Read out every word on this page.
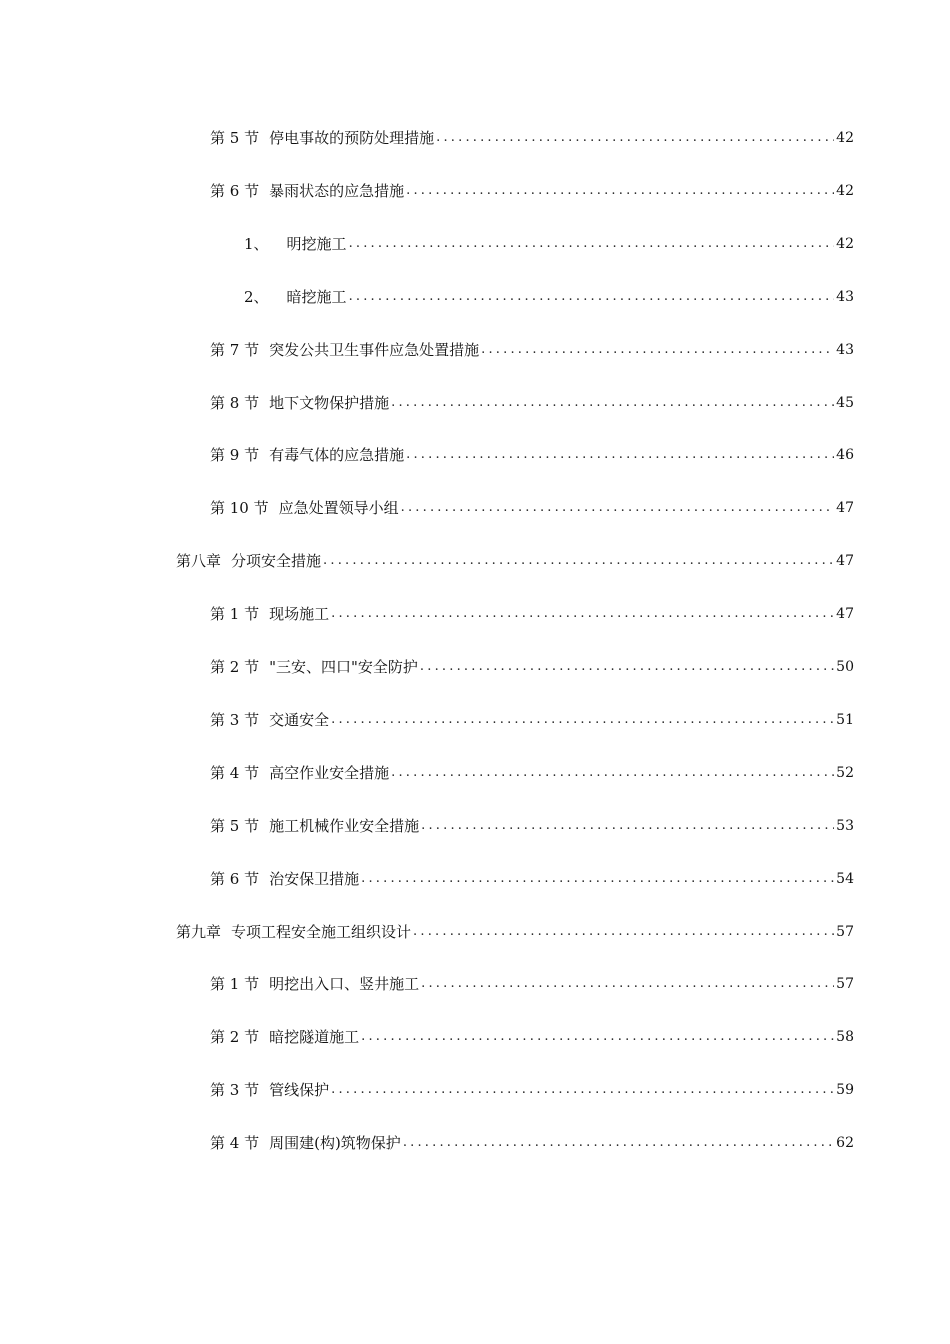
第 5 节 停电事故的预防处理措施 .....	42
第 6 节 暴雨状态的应急措施 .....	42
1、 明挖施工 .....	42
2、 暗挖施工 .....	43
第 7 节 突发公共卫生事件应急处置措施 .....	43
第 8 节 地下文物保护措施 .....	45
第 9 节 有毒气体的应急措施 .....	46
第 10 节 应急处置领导小组 .....	47
第八章 分项安全措施 .....	47
第 1 节 现场施工 .....	47
第 2 节 "三安、四口"安全防护 .....	50
第 3 节 交通安全 .....	51
第 4 节 高空作业安全措施 .....	52
第 5 节 施工机械作业安全措施 .....	53
第 6 节 治安保卫措施 .....	54
第九章 专项工程安全施工组织设计 .....	57
第 1 节 明挖出入口、竖井施工 .....	57
第 2 节 暗挖隧道施工 .....	58
第 3 节 管线保护 .....	59
第 4 节 周围建(构)筑物保护 .....	62
